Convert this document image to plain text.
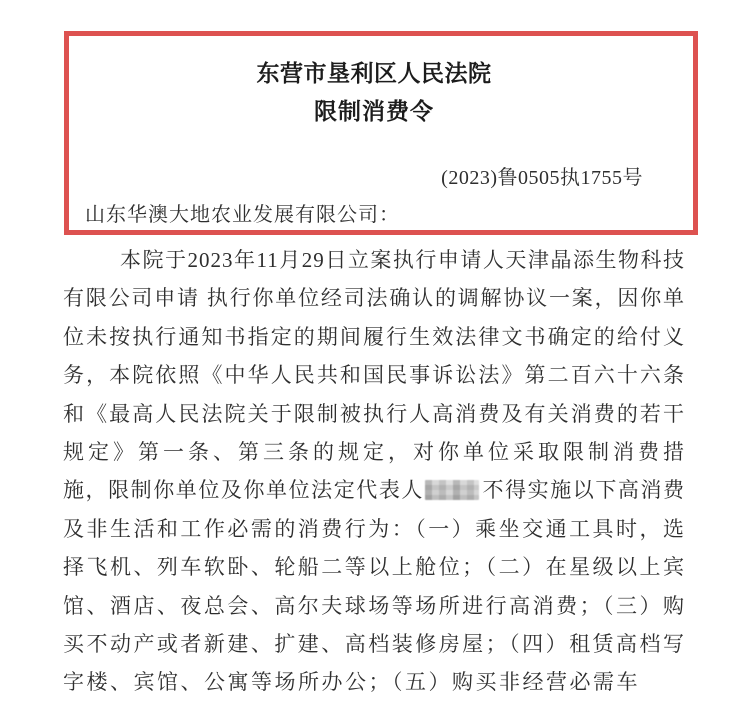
东营市垦利区人民法院
限制消费令
(2023)鲁0505执1755号
山东华澳大地农业发展有限公司：
本院于2023年11月29日立案执行申请人天津晶添生物科技
有限公司申请 执行你单位经司法确认的调解协议一案，因你单
位未按执行通知书指定的期间履行生效法律文书确定的给付义
务，本院依照《中华人民共和国民事诉讼法》第二百六十六条
和《最高人民法院关于限制被执行人高消费及有关消费的若干
规定》第一条、第三条的规定，对你单位采取限制消费措
施，限制你单位及你单位法定代表人	不得实施以下高消费
及非生活和工作必需的消费行为：（一）乘坐交通工具时，选
择飞机、列车软卧、轮船二等以上舱位；（二）在星级以上宾
馆、酒店、夜总会、高尔夫球场等场所进行高消费；（三）购
买不动产或者新建、扩建、高档装修房屋；（四）租赁高档写
字楼、宾馆、公寓等场所办公；（五）购买非经营必需车
